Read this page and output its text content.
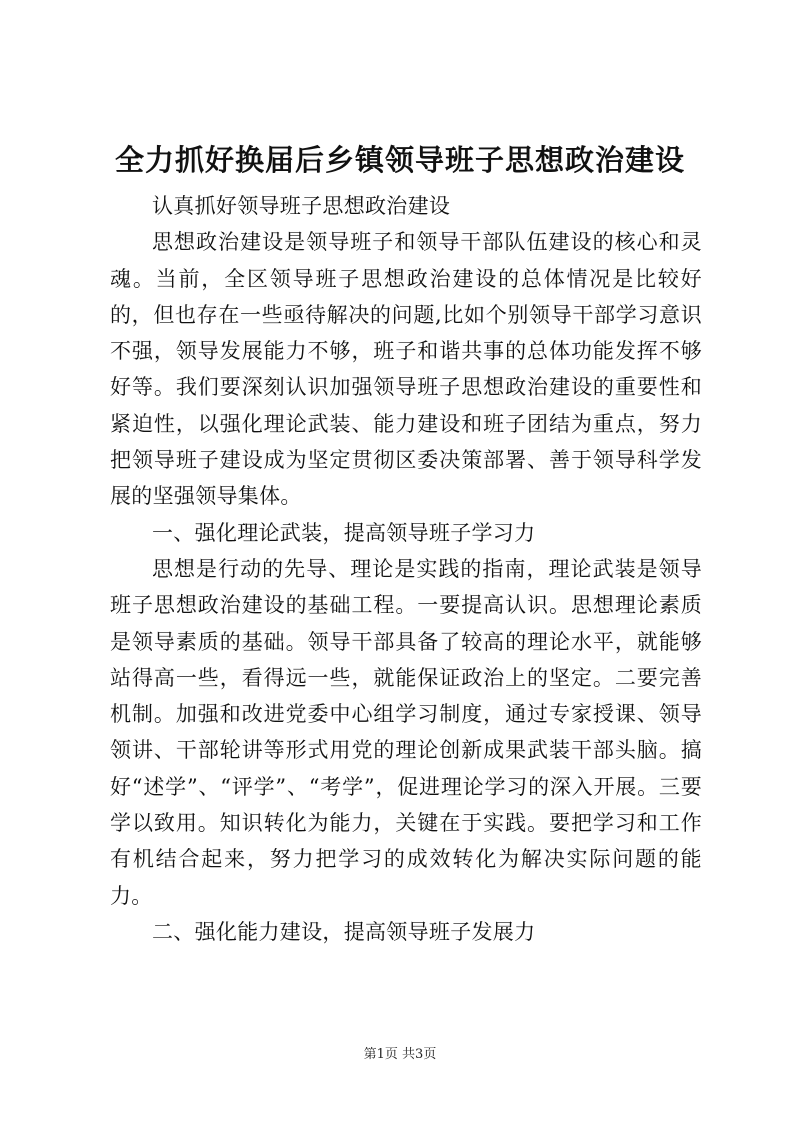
全力抓好换届后乡镇领导班子思想政治建设

认真抓好领导班子思想政治建设

思想政治建设是领导班子和领导干部队伍建设的核心和灵魂。当前，全区领导班子思想政治建设的总体情况是比较好的，但也存在一些亟待解决的问题,比如个别领导干部学习意识不强，领导发展能力不够，班子和谐共事的总体功能发挥不够好等。我们要深刻认识加强领导班子思想政治建设的重要性和紧迫性，以强化理论武装、能力建设和班子团结为重点，努力把领导班子建设成为坚定贯彻区委决策部署、善于领导科学发展的坚强领导集体。

一、强化理论武装，提高领导班子学习力

思想是行动的先导、理论是实践的指南，理论武装是领导班子思想政治建设的基础工程。一要提高认识。思想理论素质是领导素质的基础。领导干部具备了较高的理论水平，就能够站得高一些，看得远一些，就能保证政治上的坚定。二要完善机制。加强和改进党委中心组学习制度，通过专家授课、领导领讲、干部轮讲等形式用党的理论创新成果武装干部头脑。搞好“述学”、“评学”、“考学”，促进理论学习的深入开展。三要学以致用。知识转化为能力，关键在于实践。要把学习和工作有机结合起来，努力把学习的成效转化为解决实际问题的能力。

二、强化能力建设，提高领导班子发展力

第1页 共3页
